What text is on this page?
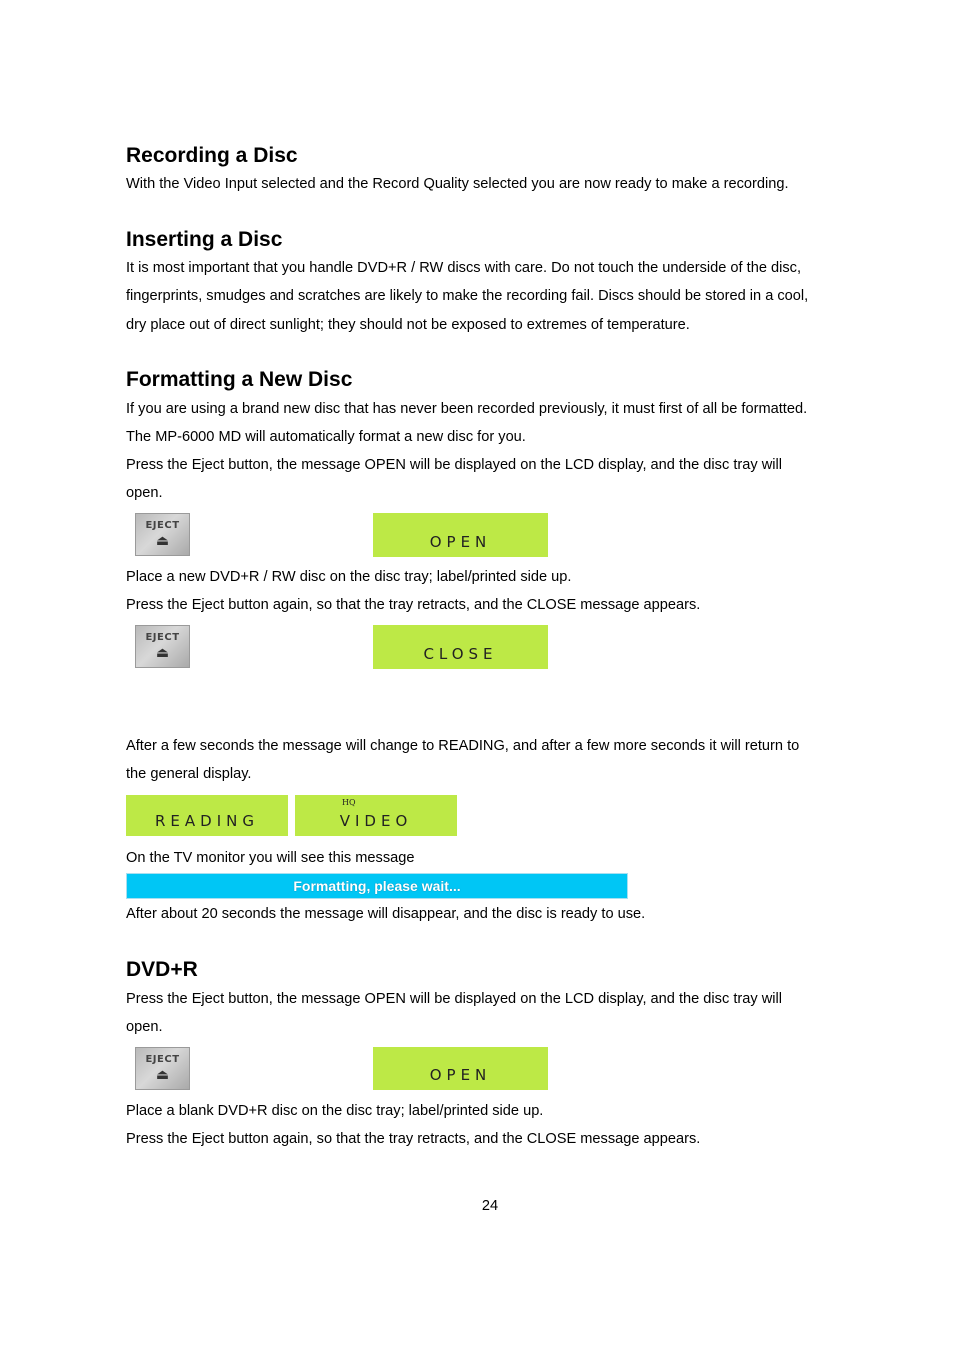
Recording a Disc

With the Video Input selected and the Record Quality selected you are now ready to make a recording.

Inserting a Disc

It is most important that you handle DVD+R / RW discs with care. Do not touch the underside of the disc,

fingerprints, smudges and scratches are likely to make the recording fail. Discs should be stored in a cool,

dry place out of direct sunlight; they should not be exposed to extremes of temperature.

Formatting a New Disc

If you are using a brand new disc that has never been recorded previously, it must first of all be formatted.

The MP-6000 MD will automatically format a new disc for you.

Press the Eject button, the message OPEN will be displayed on the LCD display, and the disc tray will

open.

EJECT
⏏	OPEN

Place a new DVD+R / RW disc on the disc tray; label/printed side up.

Press the Eject button again, so that the tray retracts, and the CLOSE message appears.

EJECT
⏏	CLOSE

After a few seconds the message will change to READING, and after a few more seconds it will return to

the general display.

READING
HQ
VIDEO

On the TV monitor you will see this message

Formatting, please wait...

After about 20 seconds the message will disappear, and the disc is ready to use.

DVD+R

Press the Eject button, the message OPEN will be displayed on the LCD display, and the disc tray will

open.

EJECT
⏏	OPEN

Place a blank DVD+R disc on the disc tray; label/printed side up.

Press the Eject button again, so that the tray retracts, and the CLOSE message appears.

24
